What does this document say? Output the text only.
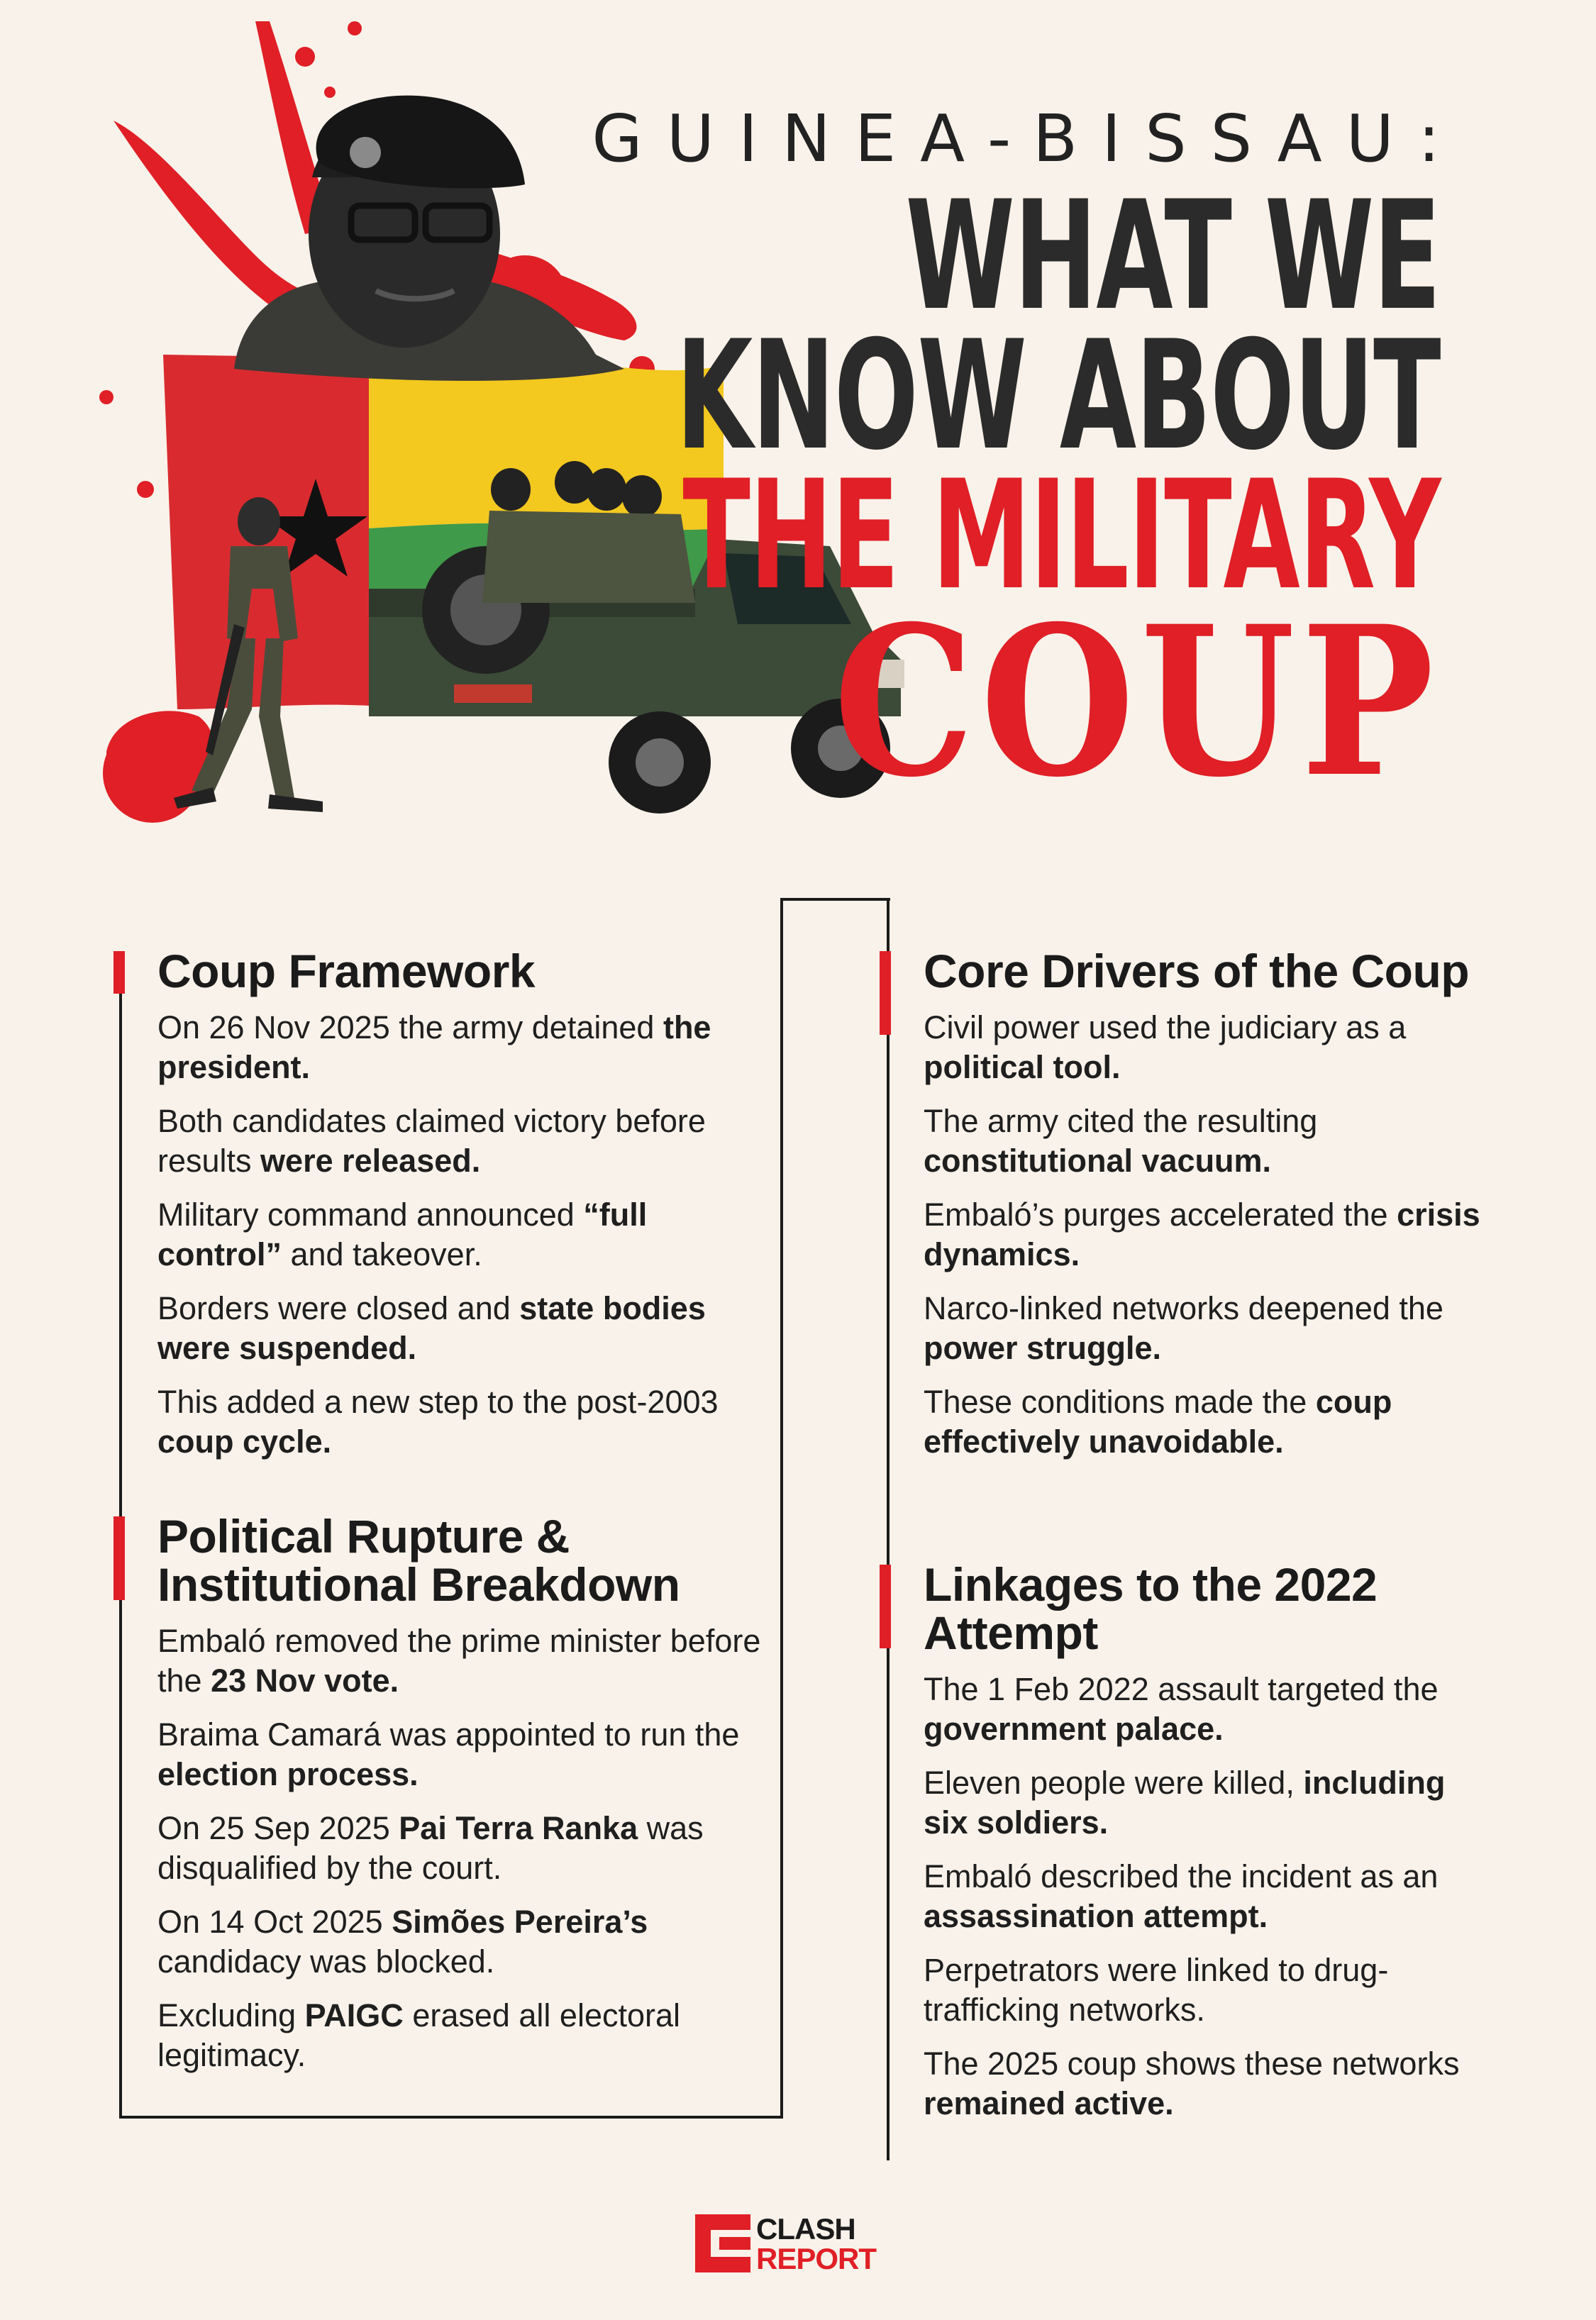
GUINEA-BISSAU:
WHAT WE
KNOW ABOUT
THE MILITARY
COUP
Coup Framework
On 26 Nov 2025 the army detained the president.
Both candidates claimed victory before results were released.
Military command announced “full control” and takeover.
Borders were closed and state bodies were suspended.
This added a new step to the post-2003 coup cycle.
Political Rupture & Institutional Breakdown
Embaló removed the prime minister before the 23 Nov vote.
Braima Camará was appointed to run the election process.
On 25 Sep 2025 Pai Terra Ranka was disqualified by the court.
On 14 Oct 2025 Simões Pereira’s candidacy was blocked.
Excluding PAIGC erased all electoral legitimacy.
Core Drivers of the Coup
Civil power used the judiciary as a political tool.
The army cited the resulting constitutional vacuum.
Embaló’s purges accelerated the crisis dynamics.
Narco-linked networks deepened the power struggle.
These conditions made the coup effectively unavoidable.
Linkages to the 2022 Attempt
The 1 Feb 2022 assault targeted the government palace.
Eleven people were killed, including six soldiers.
Embaló described the incident as an assassination attempt.
Perpetrators were linked to drug-trafficking networks.
The 2025 coup shows these networks remained active.
CLASH
REPORT
